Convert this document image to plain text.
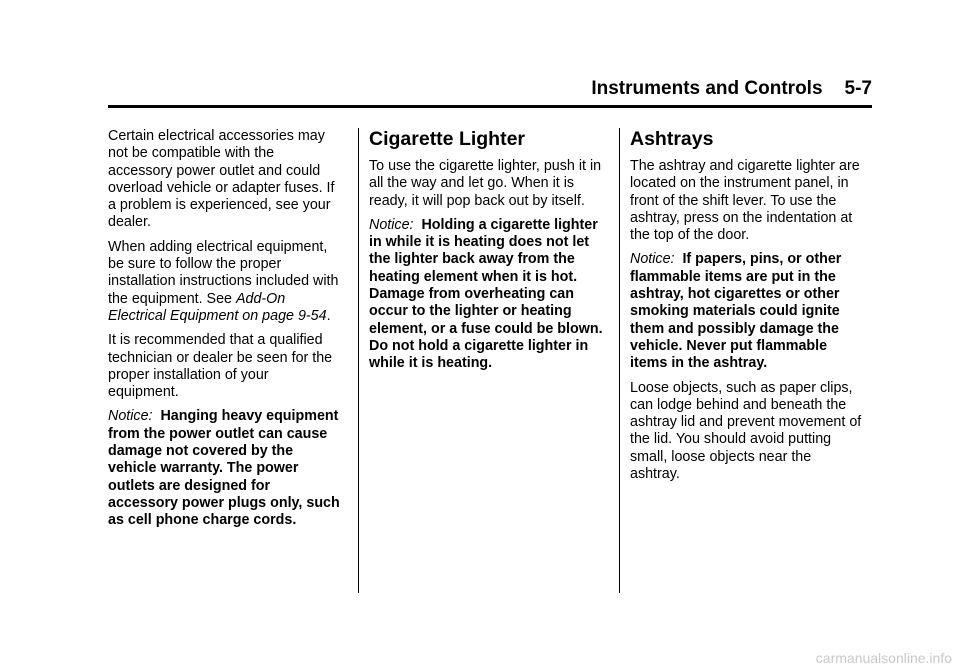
Instruments and Controls 5-7

Certain electrical accessories may not be compatible with the accessory power outlet and could overload vehicle or adapter fuses. If a problem is experienced, see your dealer.

When adding electrical equipment, be sure to follow the proper installation instructions included with the equipment. See Add-On Electrical Equipment on page 9-54.

It is recommended that a qualified technician or dealer be seen for the proper installation of your equipment.

Notice: Hanging heavy equipment from the power outlet can cause damage not covered by the vehicle warranty. The power outlets are designed for accessory power plugs only, such as cell phone charge cords.

Cigarette Lighter

To use the cigarette lighter, push it in all the way and let go. When it is ready, it will pop back out by itself.

Notice: Holding a cigarette lighter in while it is heating does not let the lighter back away from the heating element when it is hot. Damage from overheating can occur to the lighter or heating element, or a fuse could be blown. Do not hold a cigarette lighter in while it is heating.

Ashtrays

The ashtray and cigarette lighter are located on the instrument panel, in front of the shift lever. To use the ashtray, press on the indentation at the top of the door.

Notice: If papers, pins, or other flammable items are put in the ashtray, hot cigarettes or other smoking materials could ignite them and possibly damage the vehicle. Never put flammable items in the ashtray.

Loose objects, such as paper clips, can lodge behind and beneath the ashtray lid and prevent movement of the lid. You should avoid putting small, loose objects near the ashtray.

carmanualsonline.info
